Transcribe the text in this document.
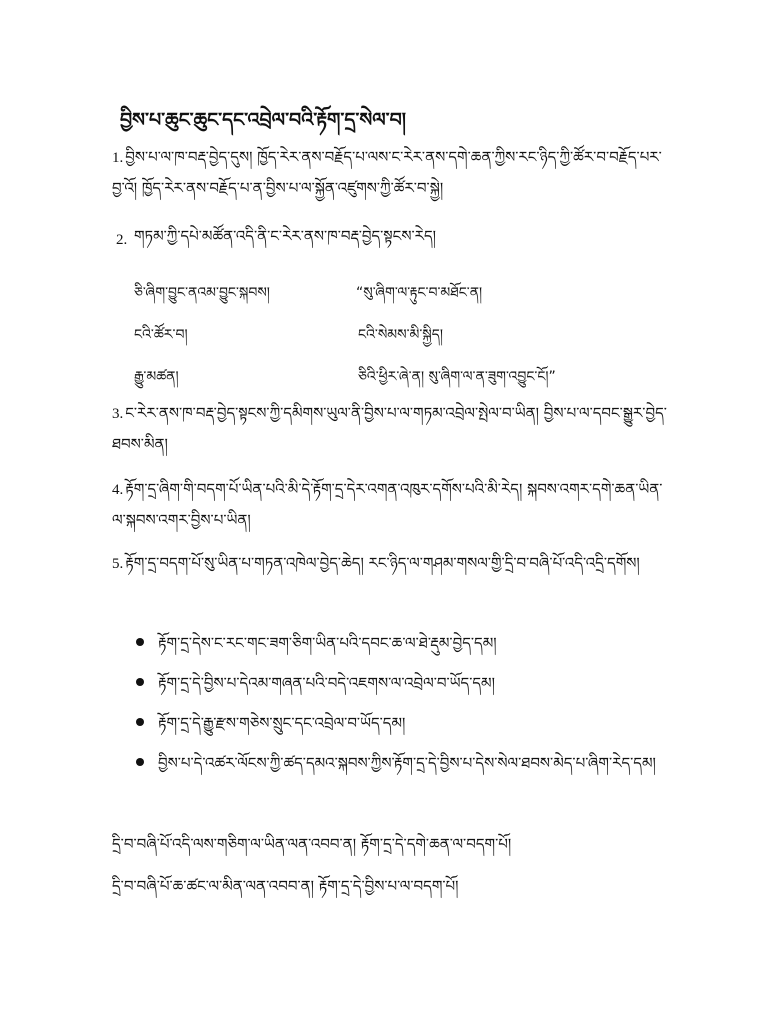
བྱིས་པ་ཆུང་ཆུང་དང་འབྲེལ་བའི་རྟོག་དྲ་སེལ་བ།
1. བྱིས་པ་ལ་ཁ་བརྡ་བྱེད་དུས། ཁྱོད་རེར་ནས་བརྗོད་པ་ལས་ང་རེར་ནས་དགེ་ཆན་ཀྱིས་རང་ཉིད་ཀྱི་ཚོར་བ་བརྗོད་པར་བྱ་འོ། ཁྱོད་རེར་ནས་བརྗོད་པ་ན་བྱིས་པ་ལ་སྐྱོན་འཛུགས་ཀྱི་ཚོར་བ་སྐྱེ།
2. གཏམ་ཀྱི་དཔེ་མཚོན་འདི་ནི་ང་རེར་ནས་ཁ་བརྡ་བྱེད་སྟངས་རེད།
ཅི་ཞིག་བྱུང་ནའམ་བྱུང་སྐབས།	“སུ་ཞིག་ལ་རྟུང་བ་མཐོང་ན།
ངའི་ཚོར་བ།	ངའི་སེམས་མི་སྐྱིད།
རྒྱུ་མཚན།	ཅིའི་ཕྱིར་ཞེ་ན། སུ་ཞིག་ལ་ན་ཟུག་འབྱུང་ངོ།”
3. ང་རེར་ནས་ཁ་བརྡ་བྱེད་སྟངས་ཀྱི་དམིགས་ཡུལ་ནི་བྱིས་པ་ལ་གཏམ་འབྲེལ་སྤེལ་བ་ཡིན། བྱིས་པ་ལ་དབང་སྒྱུར་བྱེད་ཐབས་མིན།
4. རྟོག་དྲ་ཞིག་གི་བདག་པོ་ཡིན་པའི་མི་དེ་རྟོག་དྲ་དེར་འགན་འཁུར་དགོས་པའི་མི་རེད། སྐབས་འགར་དགེ་ཆན་ཡིན་ལ་སྐབས་འགར་བྱིས་པ་ཡིན།
5. རྟོག་དྲ་བདག་པོ་སུ་ཡིན་པ་གཏན་འཁེལ་བྱེད་ཆེད། རང་ཉིད་ལ་གཤམ་གསལ་གྱི་དྲི་བ་བཞི་པོ་འདི་འདྲི་དགོས།
རྟོག་དྲ་དེས་ང་རང་གང་ཟག་ཅིག་ཡིན་པའི་དབང་ཆ་ལ་ཐེ་རྡུམ་བྱེད་དམ།
རྟོག་དྲ་དེ་བྱིས་པ་དེའམ་གཞན་པའི་བདེ་འཇགས་ལ་འབྲེལ་བ་ཡོད་དམ།
རྟོག་དྲ་དེ་རྒྱུ་རྫས་གཅེས་སྲུང་དང་འབྲེལ་བ་ཡོད་དམ།
བྱིས་པ་དེ་འཚར་ལོངས་ཀྱི་ཚད་དམའ་སྐབས་ཀྱིས་རྟོག་དྲ་དེ་བྱིས་པ་དེས་སེལ་ཐབས་མེད་པ་ཞིག་རེད་དམ།
དྲི་བ་བཞི་པོ་འདི་ལས་གཅིག་ལ་ཡིན་ལན་འབབ་ན། རྟོག་དྲ་དེ་དགེ་ཆན་ལ་བདག་པོ།
དྲི་བ་བཞི་པོ་ཆ་ཚང་ལ་མིན་ལན་འབབ་ན། རྟོག་དྲ་དེ་བྱིས་པ་ལ་བདག་པོ།
